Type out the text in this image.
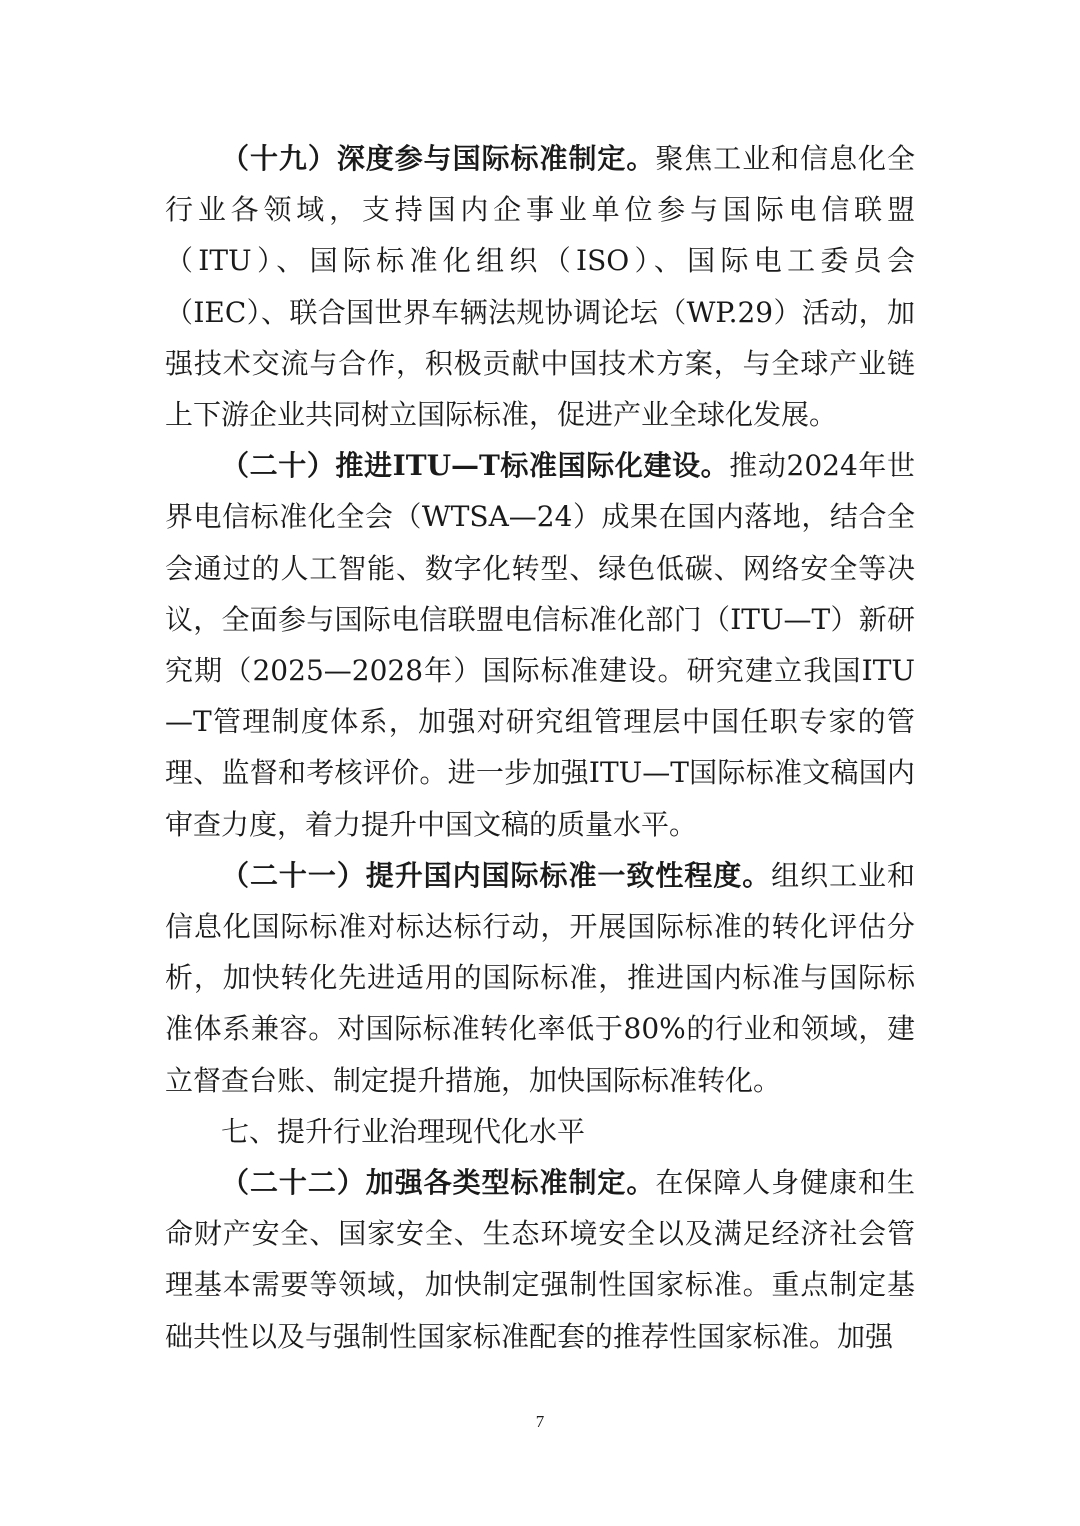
（十九）深度参与国际标准制定。聚焦工业和信息化全行业各领域，支持国内企事业单位参与国际电信联盟（ITU）、国际标准化组织（ISO）、国际电工委员会（IEC）、联合国世界车辆法规协调论坛（WP.29）活动，加强技术交流与合作，积极贡献中国技术方案，与全球产业链上下游企业共同树立国际标准，促进产业全球化发展。

（二十）推进ITU—T标准国际化建设。推动2024年世界电信标准化全会（WTSA—24）成果在国内落地，结合全会通过的人工智能、数字化转型、绿色低碳、网络安全等决议，全面参与国际电信联盟电信标准化部门（ITU—T）新研究期（2025—2028年）国际标准建设。研究建立我国ITU—T管理制度体系，加强对研究组管理层中国任职专家的管理、监督和考核评价。进一步加强ITU—T国际标准文稿国内审查力度，着力提升中国文稿的质量水平。

（二十一）提升国内国际标准一致性程度。组织工业和信息化国际标准对标达标行动，开展国际标准的转化评估分析，加快转化先进适用的国际标准，推进国内标准与国际标准体系兼容。对国际标准转化率低于80%的行业和领域，建立督查台账、制定提升措施，加快国际标准转化。

七、提升行业治理现代化水平

（二十二）加强各类型标准制定。在保障人身健康和生命财产安全、国家安全、生态环境安全以及满足经济社会管理基本需要等领域，加快制定强制性国家标准。重点制定基础共性以及与强制性国家标准配套的推荐性国家标准。加强

7
